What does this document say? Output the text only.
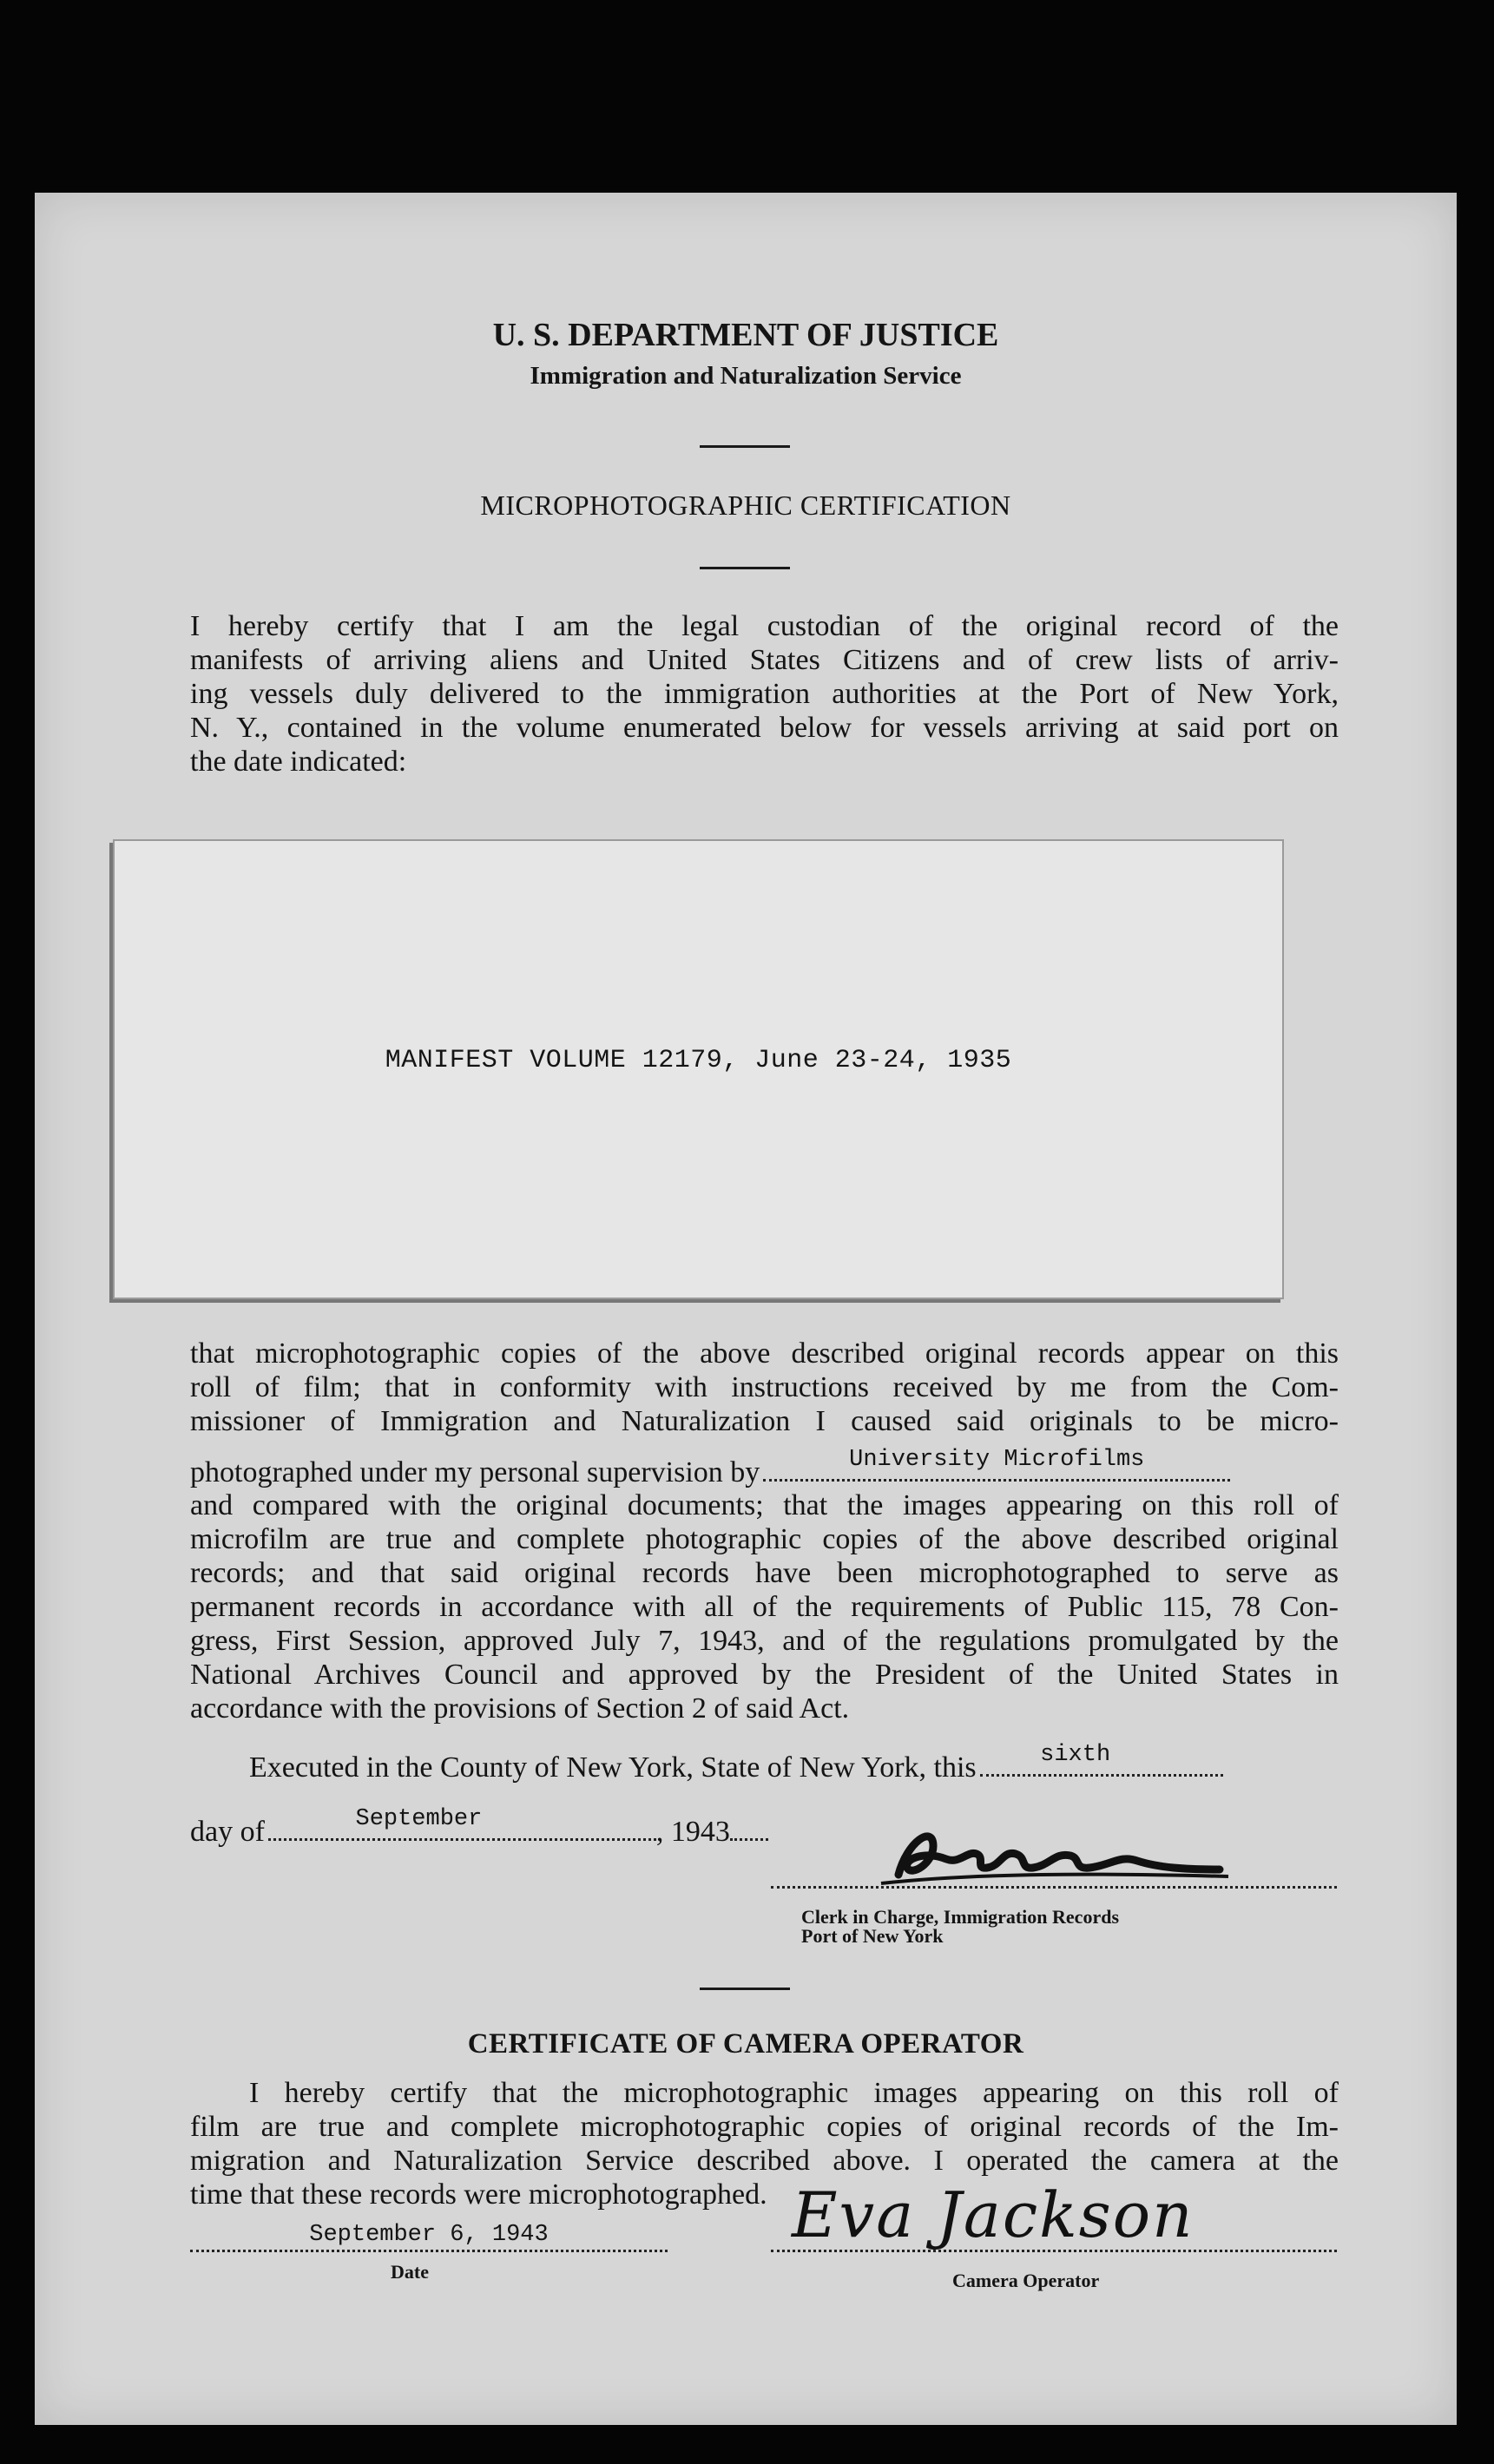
U. S. DEPARTMENT OF JUSTICE
Immigration and Naturalization Service
MICROPHOTOGRAPHIC CERTIFICATION
I hereby certify that I am the legal custodian of the original record of the
manifests of arriving aliens and United States Citizens and of crew lists of arriv-
ing vessels duly delivered to the immigration authorities at the Port of New York,
N. Y., contained in the volume enumerated below for vessels arriving at said port on
the date indicated:
MANIFEST VOLUME 12179, June 23-24, 1935
that microphotographic copies of the above described original records appear on this
roll of film; that in conformity with instructions received by me from the Com-
missioner of Immigration and Naturalization I caused said originals to be micro-
photographed under my personal supervision by	University Microfilms
and compared with the original documents; that the images appearing on this roll of
microfilm are true and complete photographic copies of the above described original
records; and that said original records have been microphotographed to serve as
permanent records in accordance with all of the requirements of Public 115, 78 Con-
gress, First Session, approved July 7, 1943, and of the regulations promulgated by the
National Archives Council and approved by the President of the United States in
accordance with the provisions of Section 2 of said Act.
Executed in the County of New York, State of New York, this	sixth
day of	September	, 1943
Clerk in Charge, Immigration Records
Port of New York
CERTIFICATE OF CAMERA OPERATOR
I hereby certify that the microphotographic images appearing on this roll of
film are true and complete microphotographic copies of original records of the Im-
migration and Naturalization Service described above. I operated the camera at the
time that these records were microphotographed.
September 6, 1943
Date
Eva Jackson
Camera Operator
